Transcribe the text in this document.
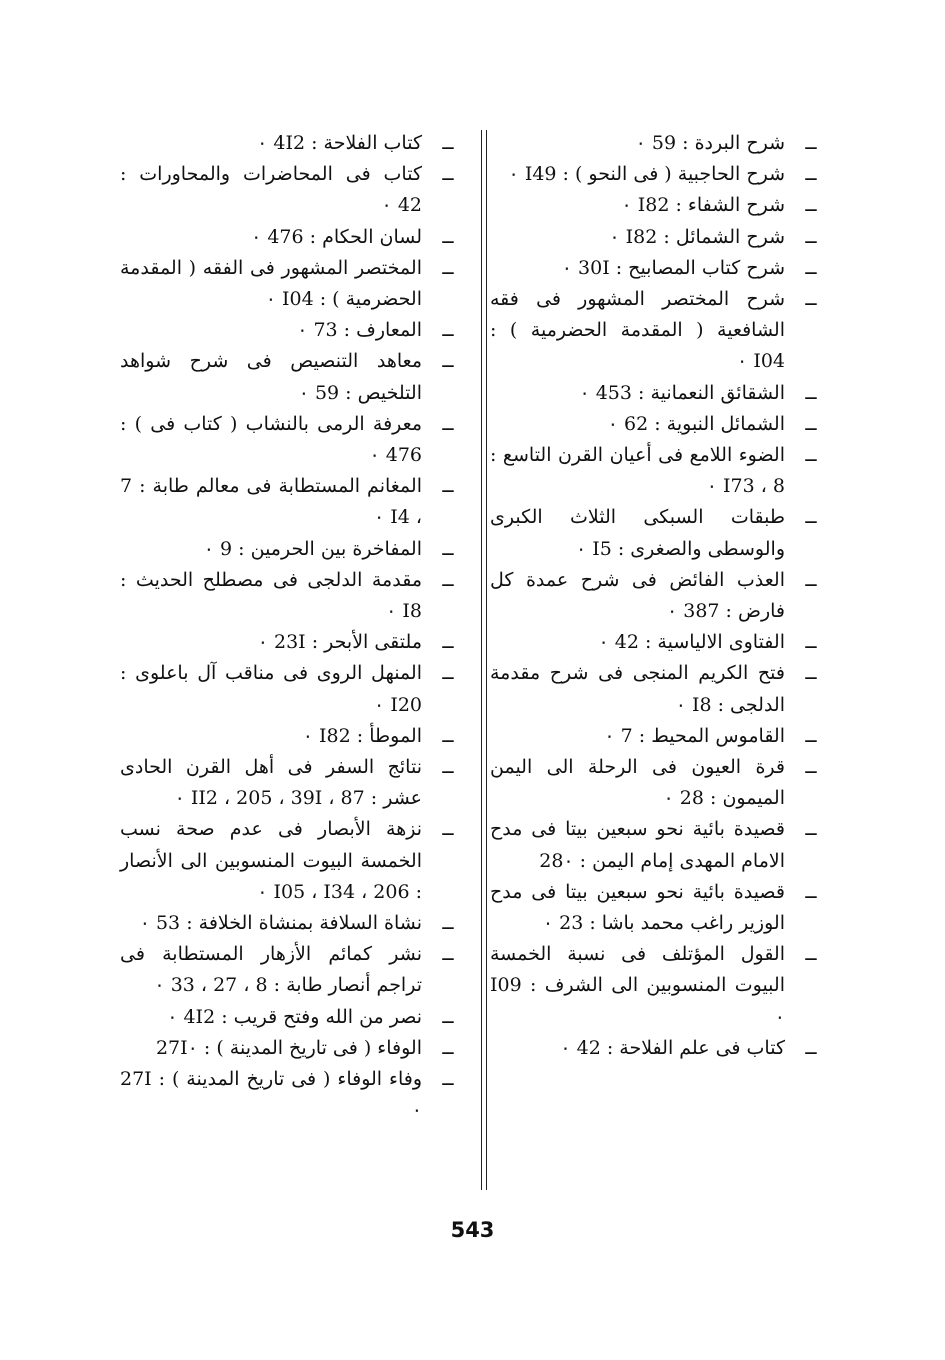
ــ
شرح البردة : 59 ٠

ــ
شرح الحاجبية ( فى النحو ) : I49 ٠

ــ
شرح الشفاء : I82 ٠

ــ
شرح الشمائل : I82 ٠

ــ
شرح كتاب المصابيح : 30I ٠

ــ
شرح المختصر المشهور فى فقه الشافعية ( المقدمة الحضرمية ) : I04 ٠

ــ
الشقائق النعمانية : 453 ٠

ــ
الشمائل النبوية : 62 ٠

ــ
الضوء اللامع فى أعيان القرن التاسع : 8 ، I73 ٠

ــ
طبقات السبكى الثلاث الكبرى والوسطى والصغرى : I5 ٠

ــ
العذب الفائض فى شرح عمدة كل فارض : 387 ٠

ــ
الفتاوى الالياسية : 42 ٠

ــ
فتح الكريم المنجى فى شرح مقدمة الدلجى : I8 ٠

ــ
القاموس المحيط : 7 ٠

ــ
قرة العيون فى الرحلة الى اليمن الميمون : 28 ٠

ــ
قصيدة بائية نحو سبعين بيتا فى مدح الامام المهدى إمام اليمن : 28٠

ــ
قصيدة بائية نحو سبعين بيتا فى مدح الوزير راغب محمد باشا : 23 ٠

ــ
القول المؤتلف فى نسبة الخمسة البيوت المنسوبين الى الشرف : I09 ٠

ــ
كتاب فى علم الفلاحة : 42 ٠

ــ
كتاب الفلاحة : 4I2 ٠

ــ
كتاب فى المحاضرات والمحاورات : 42 ٠

ــ
لسان الحكام : 476 ٠

ــ
المختصر المشهور فى الفقه ( المقدمة الحضرمية ) : I04 ٠

ــ
المعارف : 73 ٠

ــ
معاهد التنصيص فى شرح شواهد التلخيص : 59 ٠

ــ
معرفة الرمى بالنشاب ( كتاب فى ) : 476 ٠

ــ
المغانم المستطابة فى معالم طابة : 7 ، I4 ٠

ــ
المفاخرة بين الحرمين : 9 ٠

ــ
مقدمة الدلجى فى مصطلح الحديث : I8 ٠

ــ
ملتقى الأبحر : 23I ٠

ــ
المنهل الروى فى مناقب آل باعلوى : I20 ٠

ــ
الموطأ : I82 ٠

ــ
نتائج السفر فى أهل القرن الحادى عشر : 87 ، II2 ، 205 ، 39I ٠

ــ
نزهة الأبصار فى عدم صحة نسب الخمسة البيوت المنسوبين الى الأنصار : I05 ، I34 ، 206 ٠

ــ
نشاة السلافة بمنشاة الخلافة : 53 ٠

ــ
نشر كمائم الأزهار المستطابة فى تراجم أنصار طابة : 8 ، 27 ، 33 ٠

ــ
نصر من الله وفتح قريب : 4I2 ٠

ــ
الوفاء ( فى تاريخ المدينة ) : 27I٠

ــ
وفاء الوفاء ( فى تاريخ المدينة ) : 27I ٠

543
